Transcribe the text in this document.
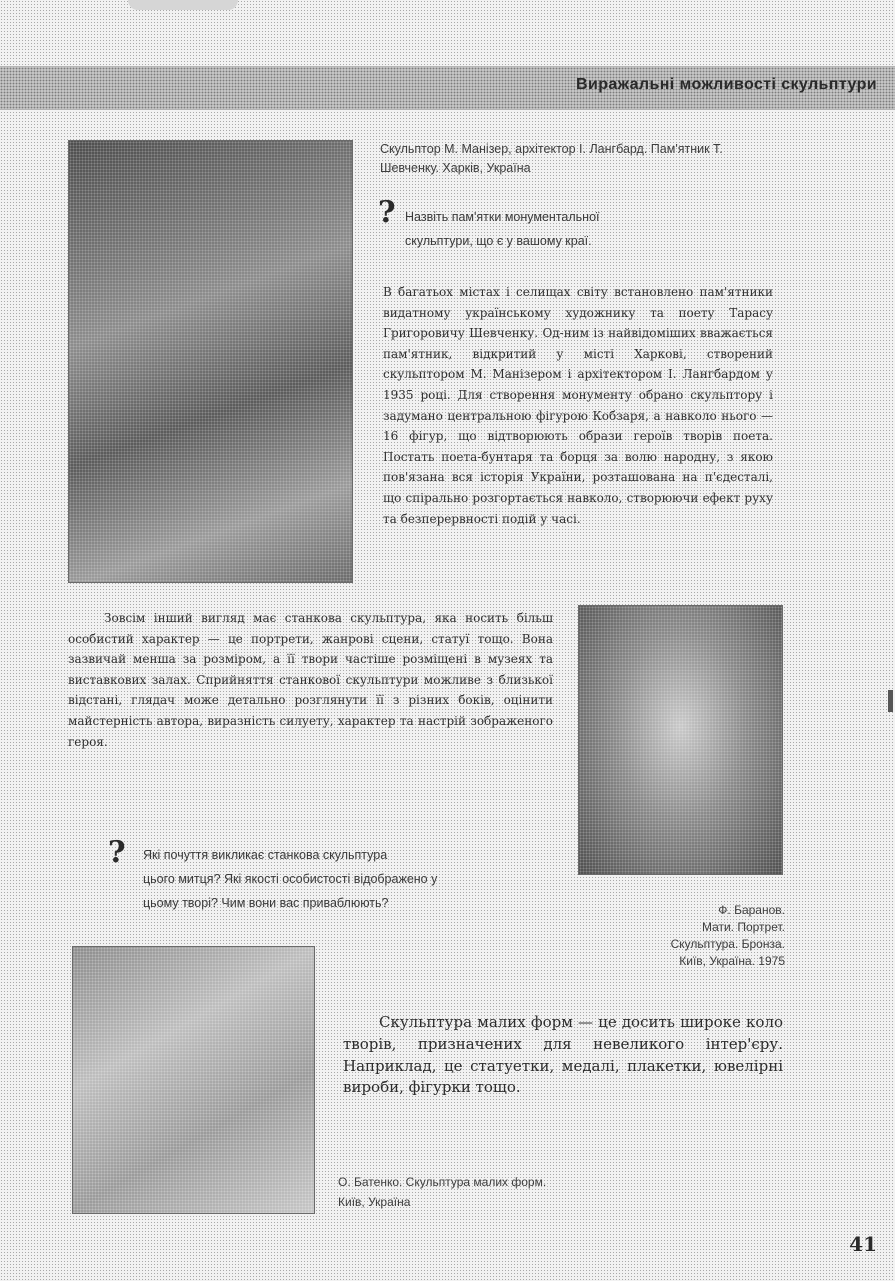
Виражальні можливості скульптури
Скульптор М. Манізер, архітектор І. Лангбард. Пам'ятник Т. Шевченку. Харків, Україна
? Назвіть пам'ятки монументальної
скульптури, що є у вашому краї.
В багатьох містах і селищах світу встановлено пам'ятники видатному українському художнику та поету Тарасу Григоровичу Шевченку. Од-ним із найвідоміших вважається пам'ятник, відкритий у місті Харкові, створений скульптором М. Манізером і архітектором І. Лангбардом у 1935 році. Для створення монументу обрано скульптору і задумано центральною фігурою Кобзаря, а навколо нього — 16 фігур, що відтворюють образи героїв творів поета. Постать поета-бунтаря та борця за волю народну, з якою пов'язана вся історія України, розташована на п'єдесталі, що спірально розгортається навколо, створюючи ефект руху та безперервності подій у часі.
Зовсім інший вигляд має станкова скульптура, яка носить більш особистий характер — це портрети, жанрові сцени, статуї тощо. Вона зазвичай менша за розміром, а її твори частіше розміщені в музеях та виставкових залах. Сприйняття станкової скульптури можливе з близької відстані, глядач може детально розглянути її з різних боків, оцінити майстерність автора, виразність силуету, характер та настрій зображеного героя.
? Які почуття викликає станкова скульптура
цього митця? Які якості особистості відображено у
цьому творі? Чим вони вас приваблюють?	Ф. Баранов.
Мати. Портрет.
Скульптура. Бронза.
Київ, Україна. 1975
Скульптура малих форм — це досить широке коло творів, призначених для невеликого інтер'єру. Наприклад, це статуетки, медалі, плакетки, ювелірні вироби, фігурки тощо.
О. Батенко. Скульптура малих форм.
Київ, Україна
41
